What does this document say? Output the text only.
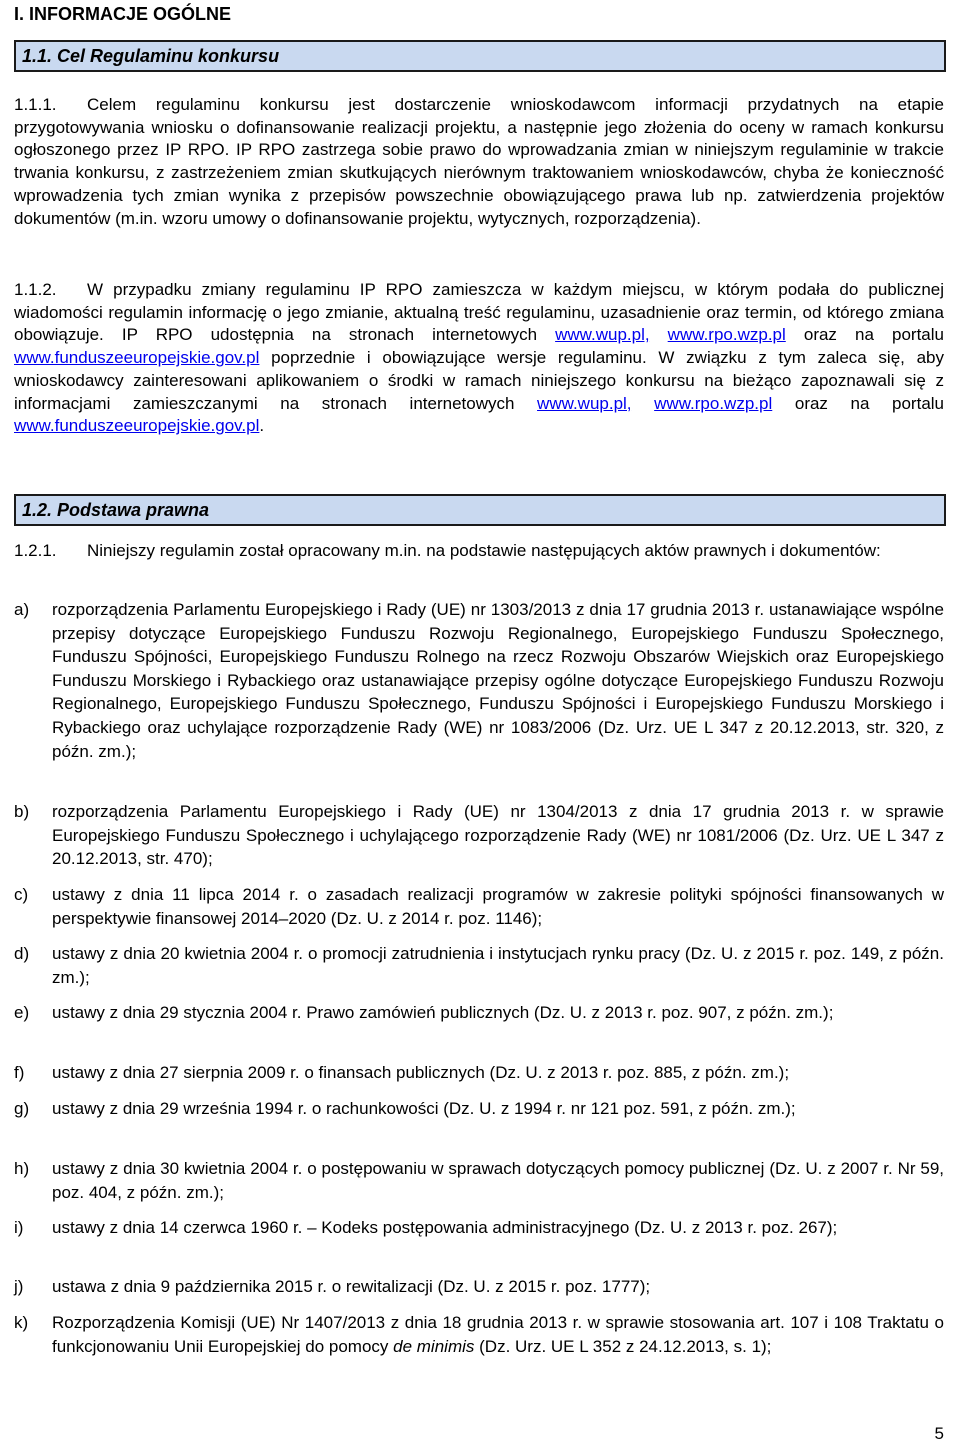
I. INFORMACJE OGÓLNE
1.1. Cel Regulaminu konkursu

1.1.1. Celem regulaminu konkursu jest dostarczenie wnioskodawcom informacji przydatnych na etapie przygotowywania wniosku o dofinansowanie realizacji projektu, a następnie jego złożenia do oceny w ramach konkursu ogłoszonego przez IP RPO. IP RPO zastrzega sobie prawo do wprowadzania zmian w niniejszym regulaminie w trakcie trwania konkursu, z zastrzeżeniem zmian skutkujących nierównym traktowaniem wnioskodawców, chyba że konieczność wprowadzenia tych zmian wynika z przepisów powszechnie obowiązującego prawa lub np. zatwierdzenia projektów dokumentów (m.in. wzoru umowy o dofinansowanie projektu, wytycznych, rozporządzenia).

1.1.2. W przypadku zmiany regulaminu IP RPO zamieszcza w każdym miejscu, w którym podała do publicznej wiadomości regulamin informację o jego zmianie, aktualną treść regulaminu, uzasadnienie oraz termin, od którego zmiana obowiązuje. IP RPO udostępnia na stronach internetowych www.wup.pl, www.rpo.wzp.pl oraz na portalu www.funduszeeuropejskie.gov.pl poprzednie i obowiązujące wersje regulaminu. W związku z tym zaleca się, aby wnioskodawcy zainteresowani aplikowaniem o środki w ramach niniejszego konkursu na bieżąco zapoznawali się z informacjami zamieszczanymi na stronach internetowych www.wup.pl, www.rpo.wzp.pl oraz na portalu www.funduszeeuropejskie.gov.pl.

1.2. Podstawa prawna

1.2.1. Niniejszy regulamin został opracowany m.in. na podstawie następujących aktów prawnych i dokumentów:

a)	rozporządzenia Parlamentu Europejskiego i Rady (UE) nr 1303/2013 z dnia 17 grudnia 2013 r. ustanawiające wspólne przepisy dotyczące Europejskiego Funduszu Rozwoju Regionalnego, Europejskiego Funduszu Społecznego, Funduszu Spójności, Europejskiego Funduszu Rolnego na rzecz Rozwoju Obszarów Wiejskich oraz Europejskiego Funduszu Morskiego i Rybackiego oraz ustanawiające przepisy ogólne dotyczące Europejskiego Funduszu Rozwoju Regionalnego, Europejskiego Funduszu Społecznego, Funduszu Spójności i Europejskiego Funduszu Morskiego i Rybackiego oraz uchylające rozporządzenie Rady (WE) nr 1083/2006 (Dz. Urz. UE L 347 z 20.12.2013, str. 320, z późn. zm.);
b)	rozporządzenia Parlamentu Europejskiego i Rady (UE) nr 1304/2013 z dnia 17 grudnia 2013 r. w sprawie Europejskiego Funduszu Społecznego i uchylającego rozporządzenie Rady (WE) nr 1081/2006 (Dz. Urz. UE L 347 z 20.12.2013, str. 470);
c)	ustawy z dnia 11 lipca 2014 r. o zasadach realizacji programów w zakresie polityki spójności finansowanych w perspektywie finansowej 2014–2020 (Dz. U. z 2014 r. poz. 1146);
d)	ustawy z dnia 20 kwietnia 2004 r. o promocji zatrudnienia i instytucjach rynku pracy (Dz. U. z 2015 r. poz. 149, z późn. zm.);
e)	ustawy z dnia 29 stycznia 2004 r. Prawo zamówień publicznych (Dz. U. z 2013 r. poz. 907, z późn. zm.);
f)	ustawy z dnia 27 sierpnia 2009 r. o finansach publicznych (Dz. U. z 2013 r. poz. 885, z późn. zm.);
g)	ustawy z dnia 29 września 1994 r. o rachunkowości (Dz. U. z 1994 r. nr 121 poz. 591, z późn. zm.);
h)	ustawy z dnia 30 kwietnia 2004 r. o postępowaniu w sprawach dotyczących pomocy publicznej (Dz. U. z 2007 r. Nr 59, poz. 404, z późn. zm.);
i)	ustawy z dnia 14 czerwca 1960 r. – Kodeks postępowania administracyjnego (Dz. U. z 2013 r. poz. 267);
j)	ustawa z dnia 9 października 2015 r. o rewitalizacji (Dz. U. z 2015 r. poz. 1777);
k)	Rozporządzenia Komisji (UE) Nr 1407/2013 z dnia 18 grudnia 2013 r. w sprawie stosowania art. 107 i 108 Traktatu o funkcjonowaniu Unii Europejskiej do pomocy de minimis (Dz. Urz. UE L 352 z 24.12.2013, s. 1);
5
